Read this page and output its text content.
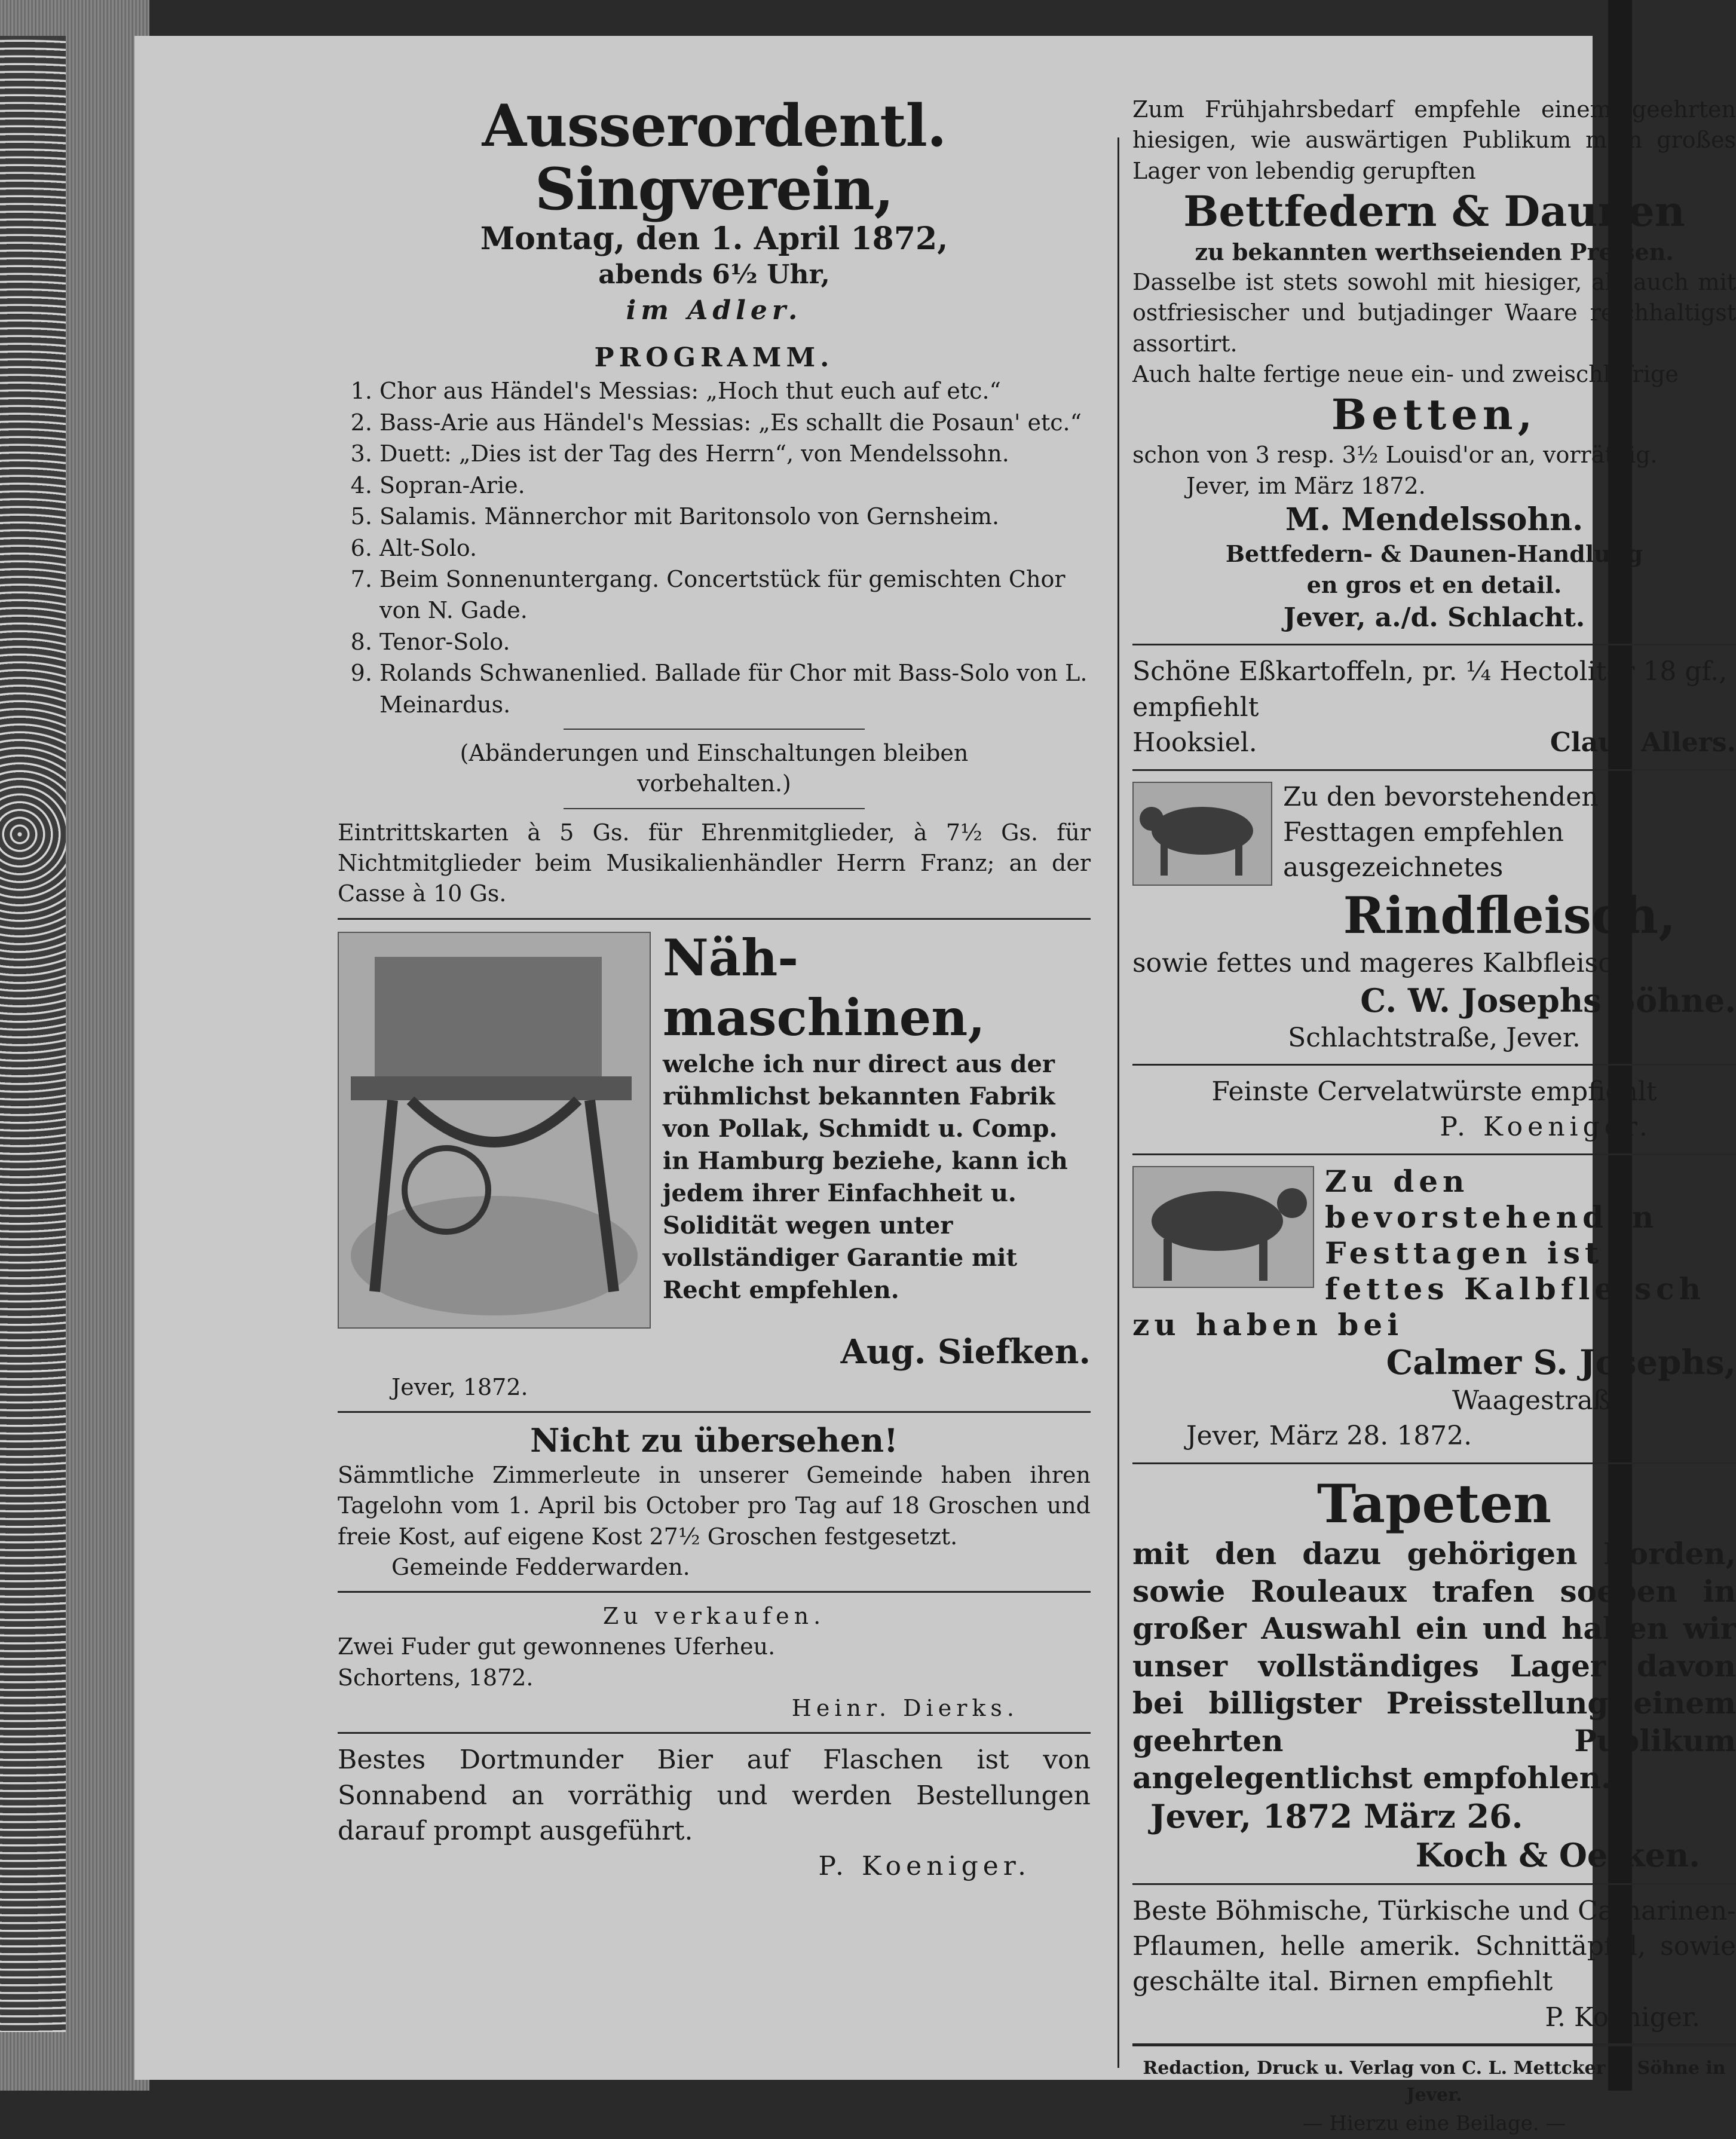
Ausserordentl. Singverein,

Montag, den 1. April 1872,

abends 6½ Uhr,

im Adler.

PROGRAMM.

1. Chor aus Händel's Messias: „Hoch thut euch auf etc.“
2. Bass-Arie aus Händel's Messias: „Es schallt die Posaun' etc.“
3. Duett: „Dies ist der Tag des Herrn“, von Mendelssohn.
4. Sopran-Arie.
5. Salamis. Männerchor mit Baritonsolo von Gernsheim.
6. Alt-Solo.
7. Beim Sonnenuntergang. Concertstück für gemischten Chor von N. Gade.
8. Tenor-Solo.
9. Rolands Schwanenlied. Ballade für Chor mit Bass-Solo von L. Meinardus.

(Abänderungen und Einschaltungen bleiben vorbehalten.)

Eintrittskarten à 5 Gs. für Ehrenmitglieder, à 7½ Gs. für Nichtmitglieder beim Musikalienhändler Herrn Franz; an der Casse à 10 Gs.

Näh-maschinen,

welche ich nur direct aus der rühmlichst bekannten Fabrik von Pollak, Schmidt u. Comp. in Hamburg beziehe, kann ich jedem ihrer Einfachheit u. Solidität wegen unter vollständiger Garantie mit Recht empfehlen.

Aug. Siefken.

Jever, 1872.

Nicht zu übersehen!

Sämmtliche Zimmerleute in unserer Gemeinde haben ihren Tagelohn vom 1. April bis October pro Tag auf 18 Groschen und freie Kost, auf eigene Kost 27½ Groschen festgesetzt.

Gemeinde Fedderwarden.

Zu verkaufen.

Zwei Fuder gut gewonnenes Uferheu.

Schortens, 1872.

Heinr. Dierks.

Bestes Dortmunder Bier auf Flaschen ist von Sonnabend an vorräthig und werden Bestellungen darauf prompt ausgeführt.

P. Koeniger.

Zum Frühjahrsbedarf empfehle einem geehrten hiesigen, wie auswärtigen Publikum mein großes Lager von lebendig gerupften

Bettfedern & Daunen

zu bekannten werthseienden Preisen.

Dasselbe ist stets sowohl mit hiesiger, als auch mit ostfriesischer und butjadinger Waare reichhaltigst assortirt.

Auch halte fertige neue ein- und zweischläfrige

Betten,

schon von 3 resp. 3½ Louisd'or an, vorräthig.

Jever, im März 1872.

M. Mendelssohn.

Bettfedern- & Daunen-Handlung

en gros et en detail.

Jever, a./d. Schlacht.

Schöne Eßkartoffeln, pr. ¼ Hectoliter 18 gf., empfiehlt

Hooksiel.	Claus Allers.

Zu den bevorstehenden Festtagen empfehlen ausgezeichnetes

Rindfleisch,

sowie fettes und mageres Kalbfleisch

C. W. Josephs Söhne.

Schlachtstraße, Jever.

Feinste Cervelatwürste empfiehlt

P. Koeniger.

Zu den bevorstehenden Festtagen ist fettes Kalbfleisch zu haben bei

Calmer S. Josephs,

Waagestraße.

Jever, März 28. 1872.

Tapeten

mit den dazu gehörigen Borden, sowie Rouleaux trafen soeben in großer Auswahl ein und halten wir unser vollständiges Lager davon bei billigster Preisstellung einem geehrten Publikum angelegentlichst empfohlen.

Jever, 1872 März 26.

Koch & Oetken.

Beste Böhmische, Türkische und Catharinen-Pflaumen, helle amerik. Schnittäpfel, sowie geschälte ital. Birnen empfiehlt

P. Koeniger.

Redaction, Druck u. Verlag von C. L. Mettcker u. Söhne in Jever.

— Hierzu eine Beilage. —
